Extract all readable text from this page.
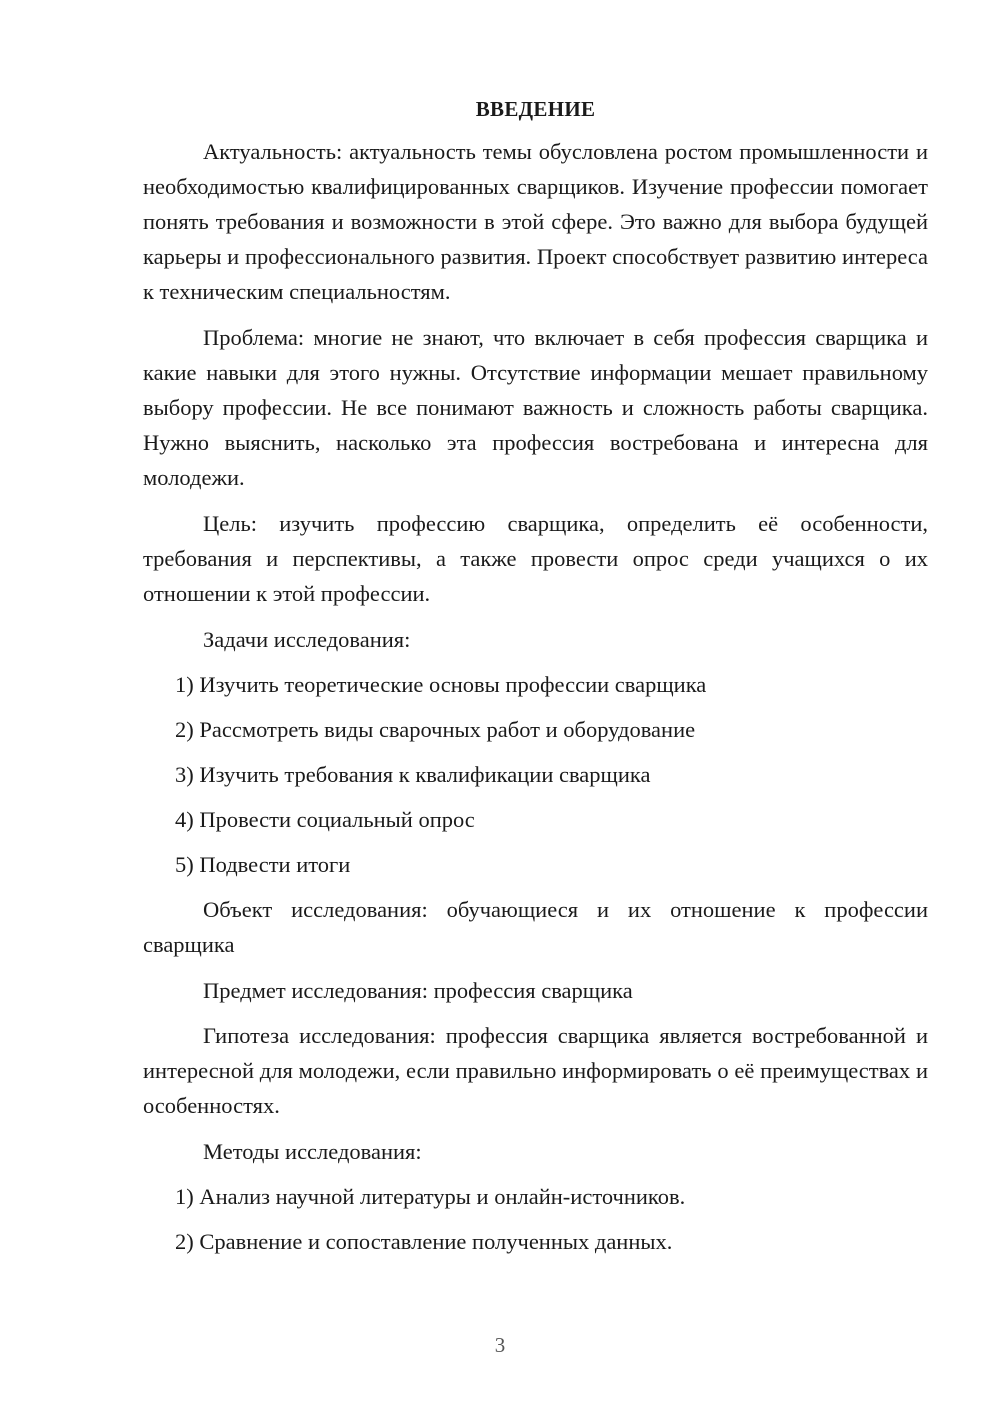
ВВЕДЕНИЕ

Актуальность: актуальность темы обусловлена ростом промышленности и необходимостью квалифицированных сварщиков. Изучение профессии помогает понять требования и возможности в этой сфере. Это важно для выбора будущей карьеры и профессионального развития. Проект способствует развитию интереса к техническим специальностям.

Проблема: многие не знают, что включает в себя профессия сварщика и какие навыки для этого нужны. Отсутствие информации мешает правильному выбору профессии. Не все понимают важность и сложность работы сварщика. Нужно выяснить, насколько эта профессия востребована и интересна для молодежи.

Цель: изучить профессию сварщика, определить её особенности, требования и перспективы, а также провести опрос среди учащихся о их отношении к этой профессии.

Задачи исследования:

1) Изучить теоретические основы профессии сварщика

2) Рассмотреть виды сварочных работ и оборудование

3) Изучить требования к квалификации сварщика

4) Провести социальный опрос

5) Подвести итоги

Объект исследования: обучающиеся и их отношение к профессии сварщика

Предмет исследования: профессия сварщика

Гипотеза исследования: профессия сварщика является востребованной и интересной для молодежи, если правильно информировать о её преимуществах и особенностях.

Методы исследования:

1) Анализ научной литературы и онлайн-источников.

2) Сравнение и сопоставление полученных данных.

3
